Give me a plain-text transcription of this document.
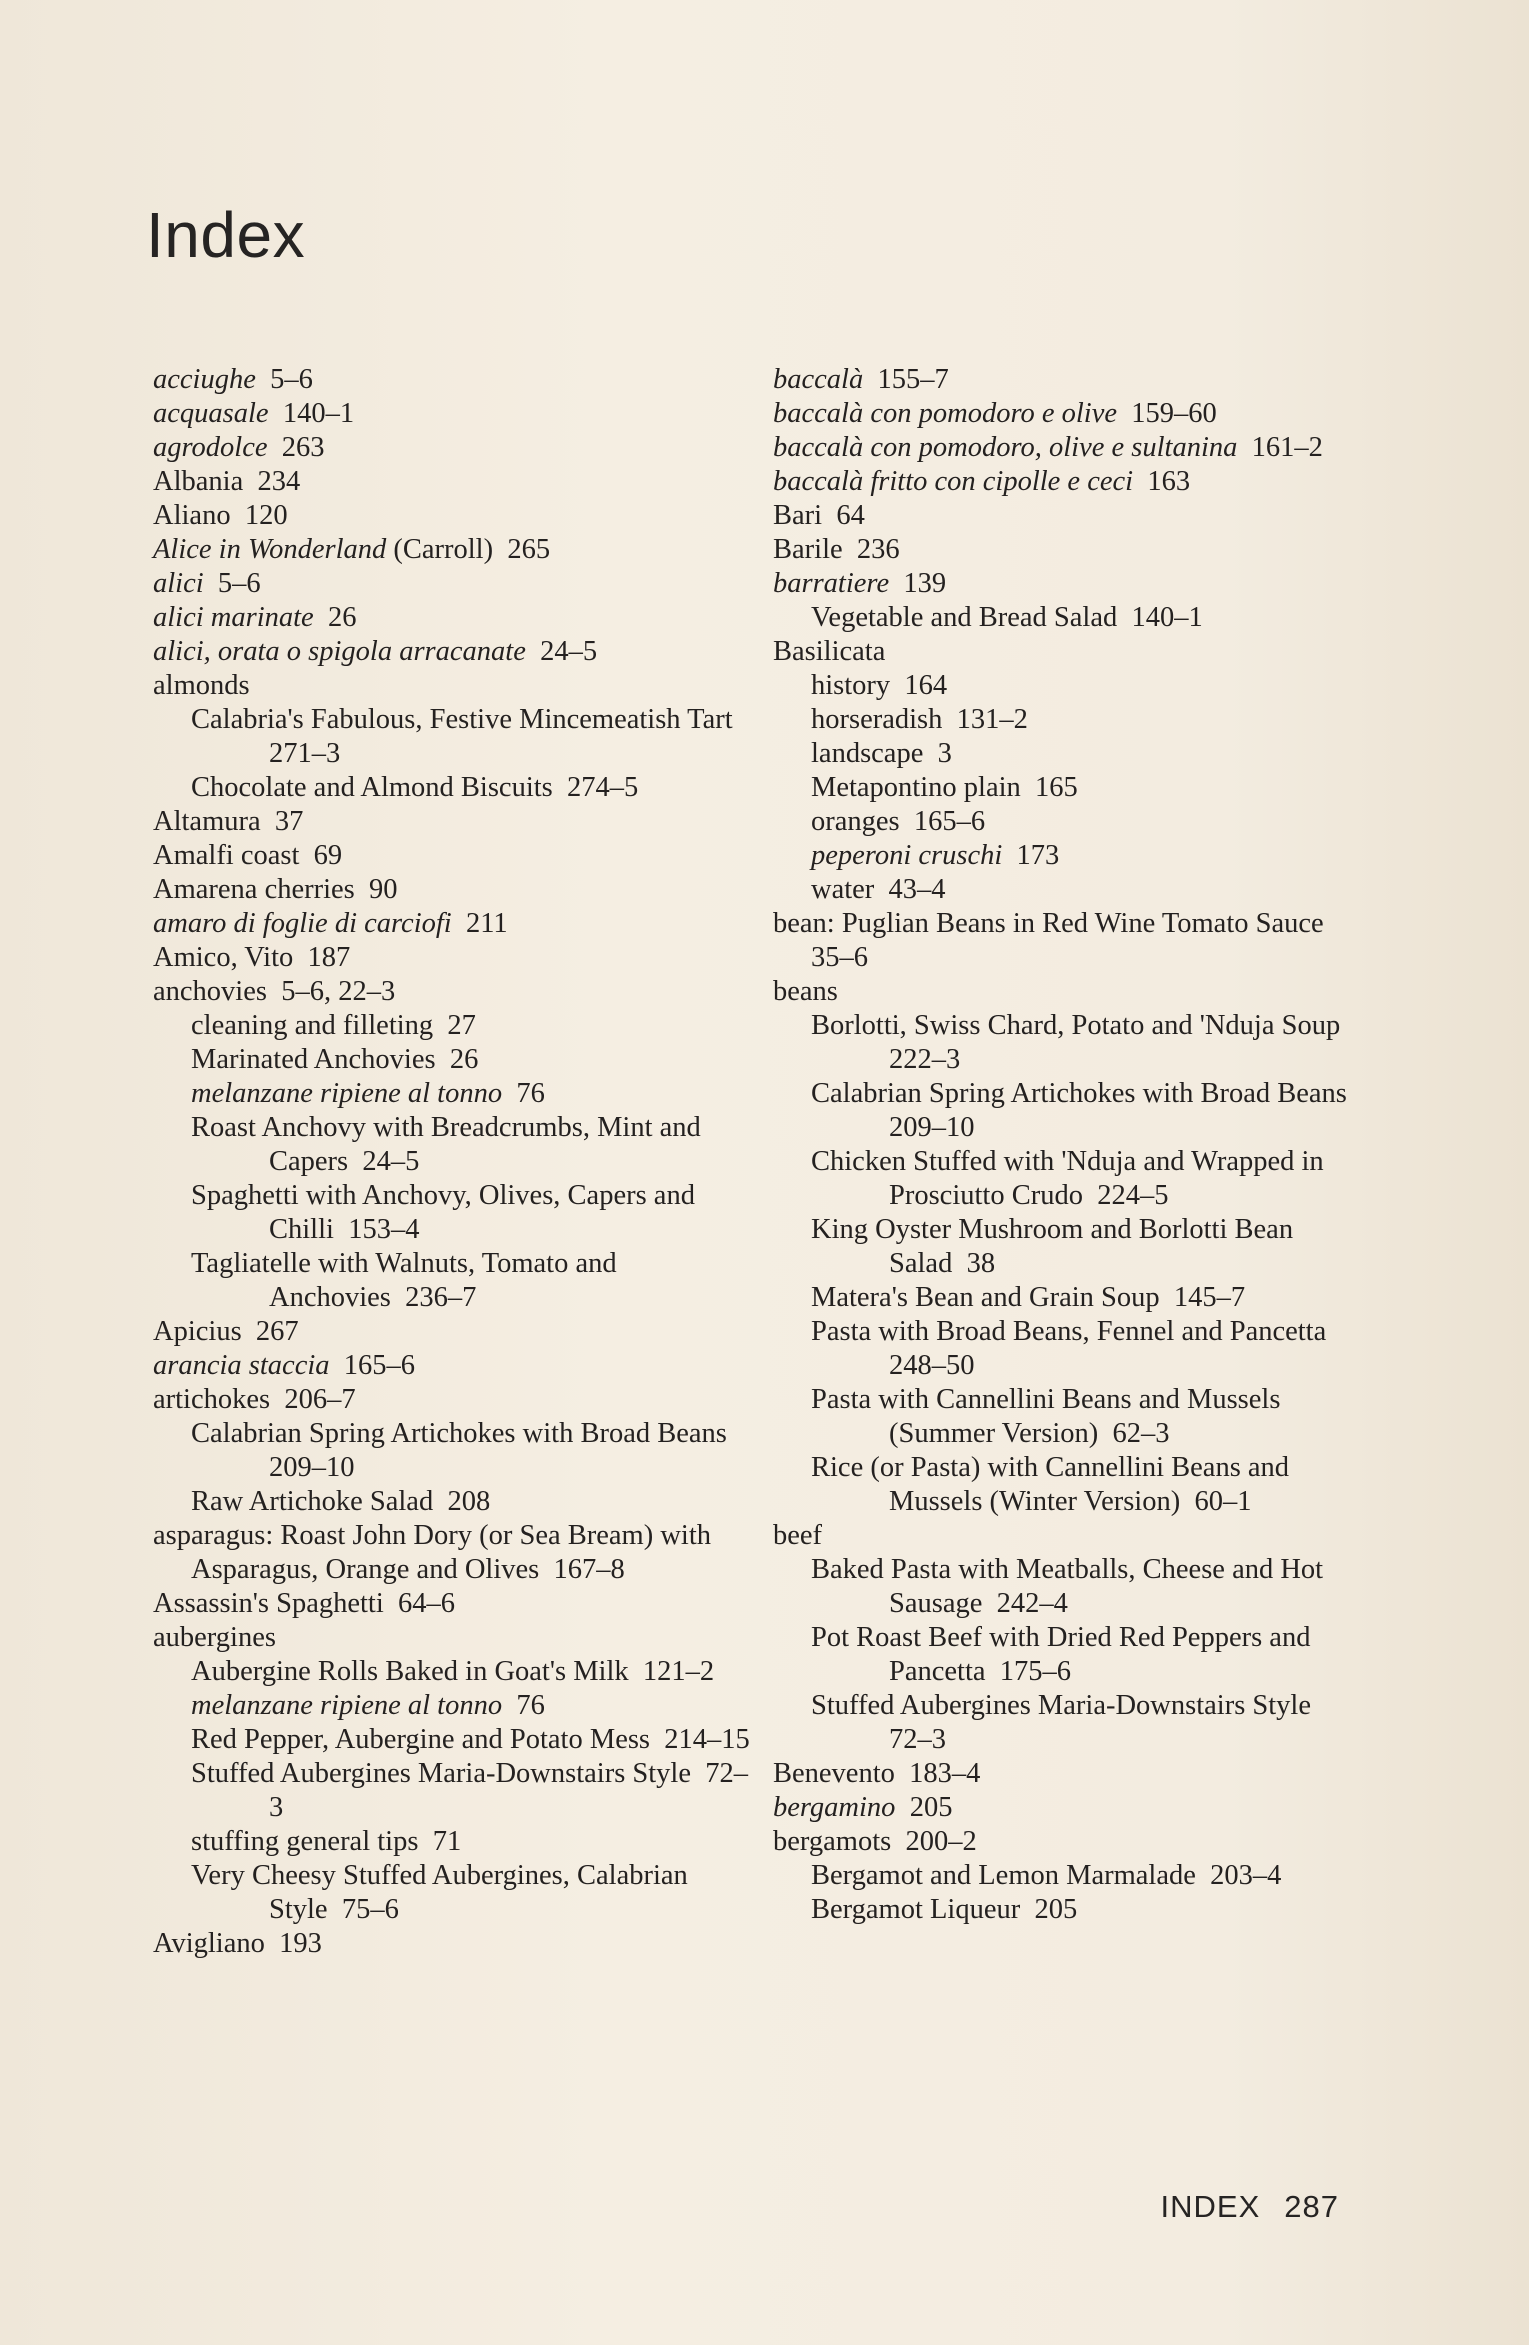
Index
acciughe  5–6
acquasale  140–1
agrodolce  263
Albania  234
Aliano  120
Alice in Wonderland (Carroll)  265
alici  5–6
alici marinate  26
alici, orata o spigola arracanate  24–5
almonds
Calabria's Fabulous, Festive Mincemeatish Tart 271–3
Chocolate and Almond Biscuits  274–5
Altamura  37
Amalfi coast  69
Amarena cherries  90
amaro di foglie di carciofi  211
Amico, Vito  187
anchovies  5–6, 22–3
cleaning and filleting  27
Marinated Anchovies  26
melanzane ripiene al tonno  76
Roast Anchovy with Breadcrumbs, Mint and Capers  24–5
Spaghetti with Anchovy, Olives, Capers and Chilli  153–4
Tagliatelle with Walnuts, Tomato and Anchovies  236–7
Apicius  267
arancia staccia  165–6
artichokes  206–7
Calabrian Spring Artichokes with Broad Beans 209–10
Raw Artichoke Salad  208
asparagus: Roast John Dory (or Sea Bream) with Asparagus, Orange and Olives  167–8
Assassin's Spaghetti  64–6
aubergines
Aubergine Rolls Baked in Goat's Milk  121–2
melanzane ripiene al tonno  76
Red Pepper, Aubergine and Potato Mess  214–15
Stuffed Aubergines Maria-Downstairs Style  72–3
stuffing general tips  71
Very Cheesy Stuffed Aubergines, Calabrian Style  75–6
Avigliano  193
baccalà  155–7
baccalà con pomodoro e olive  159–60
baccalà con pomodoro, olive e sultanina  161–2
baccalà fritto con cipolle e ceci  163
Bari  64
Barile  236
barratiere  139
Vegetable and Bread Salad  140–1
Basilicata
history  164
horseradish  131–2
landscape  3
Metapontino plain  165
oranges  165–6
peperoni cruschi  173
water  43–4
bean: Puglian Beans in Red Wine Tomato Sauce 35–6
beans
Borlotti, Swiss Chard, Potato and 'Nduja Soup 222–3
Calabrian Spring Artichokes with Broad Beans 209–10
Chicken Stuffed with 'Nduja and Wrapped in Prosciutto Crudo  224–5
King Oyster Mushroom and Borlotti Bean Salad  38
Matera's Bean and Grain Soup  145–7
Pasta with Broad Beans, Fennel and Pancetta 248–50
Pasta with Cannellini Beans and Mussels (Summer Version)  62–3
Rice (or Pasta) with Cannellini Beans and Mussels (Winter Version)  60–1
beef
Baked Pasta with Meatballs, Cheese and Hot Sausage  242–4
Pot Roast Beef with Dried Red Peppers and Pancetta  175–6
Stuffed Aubergines Maria-Downstairs Style 72–3
Benevento  183–4
bergamino  205
bergamots  200–2
Bergamot and Lemon Marmalade  203–4
Bergamot Liqueur  205
INDEX 287
